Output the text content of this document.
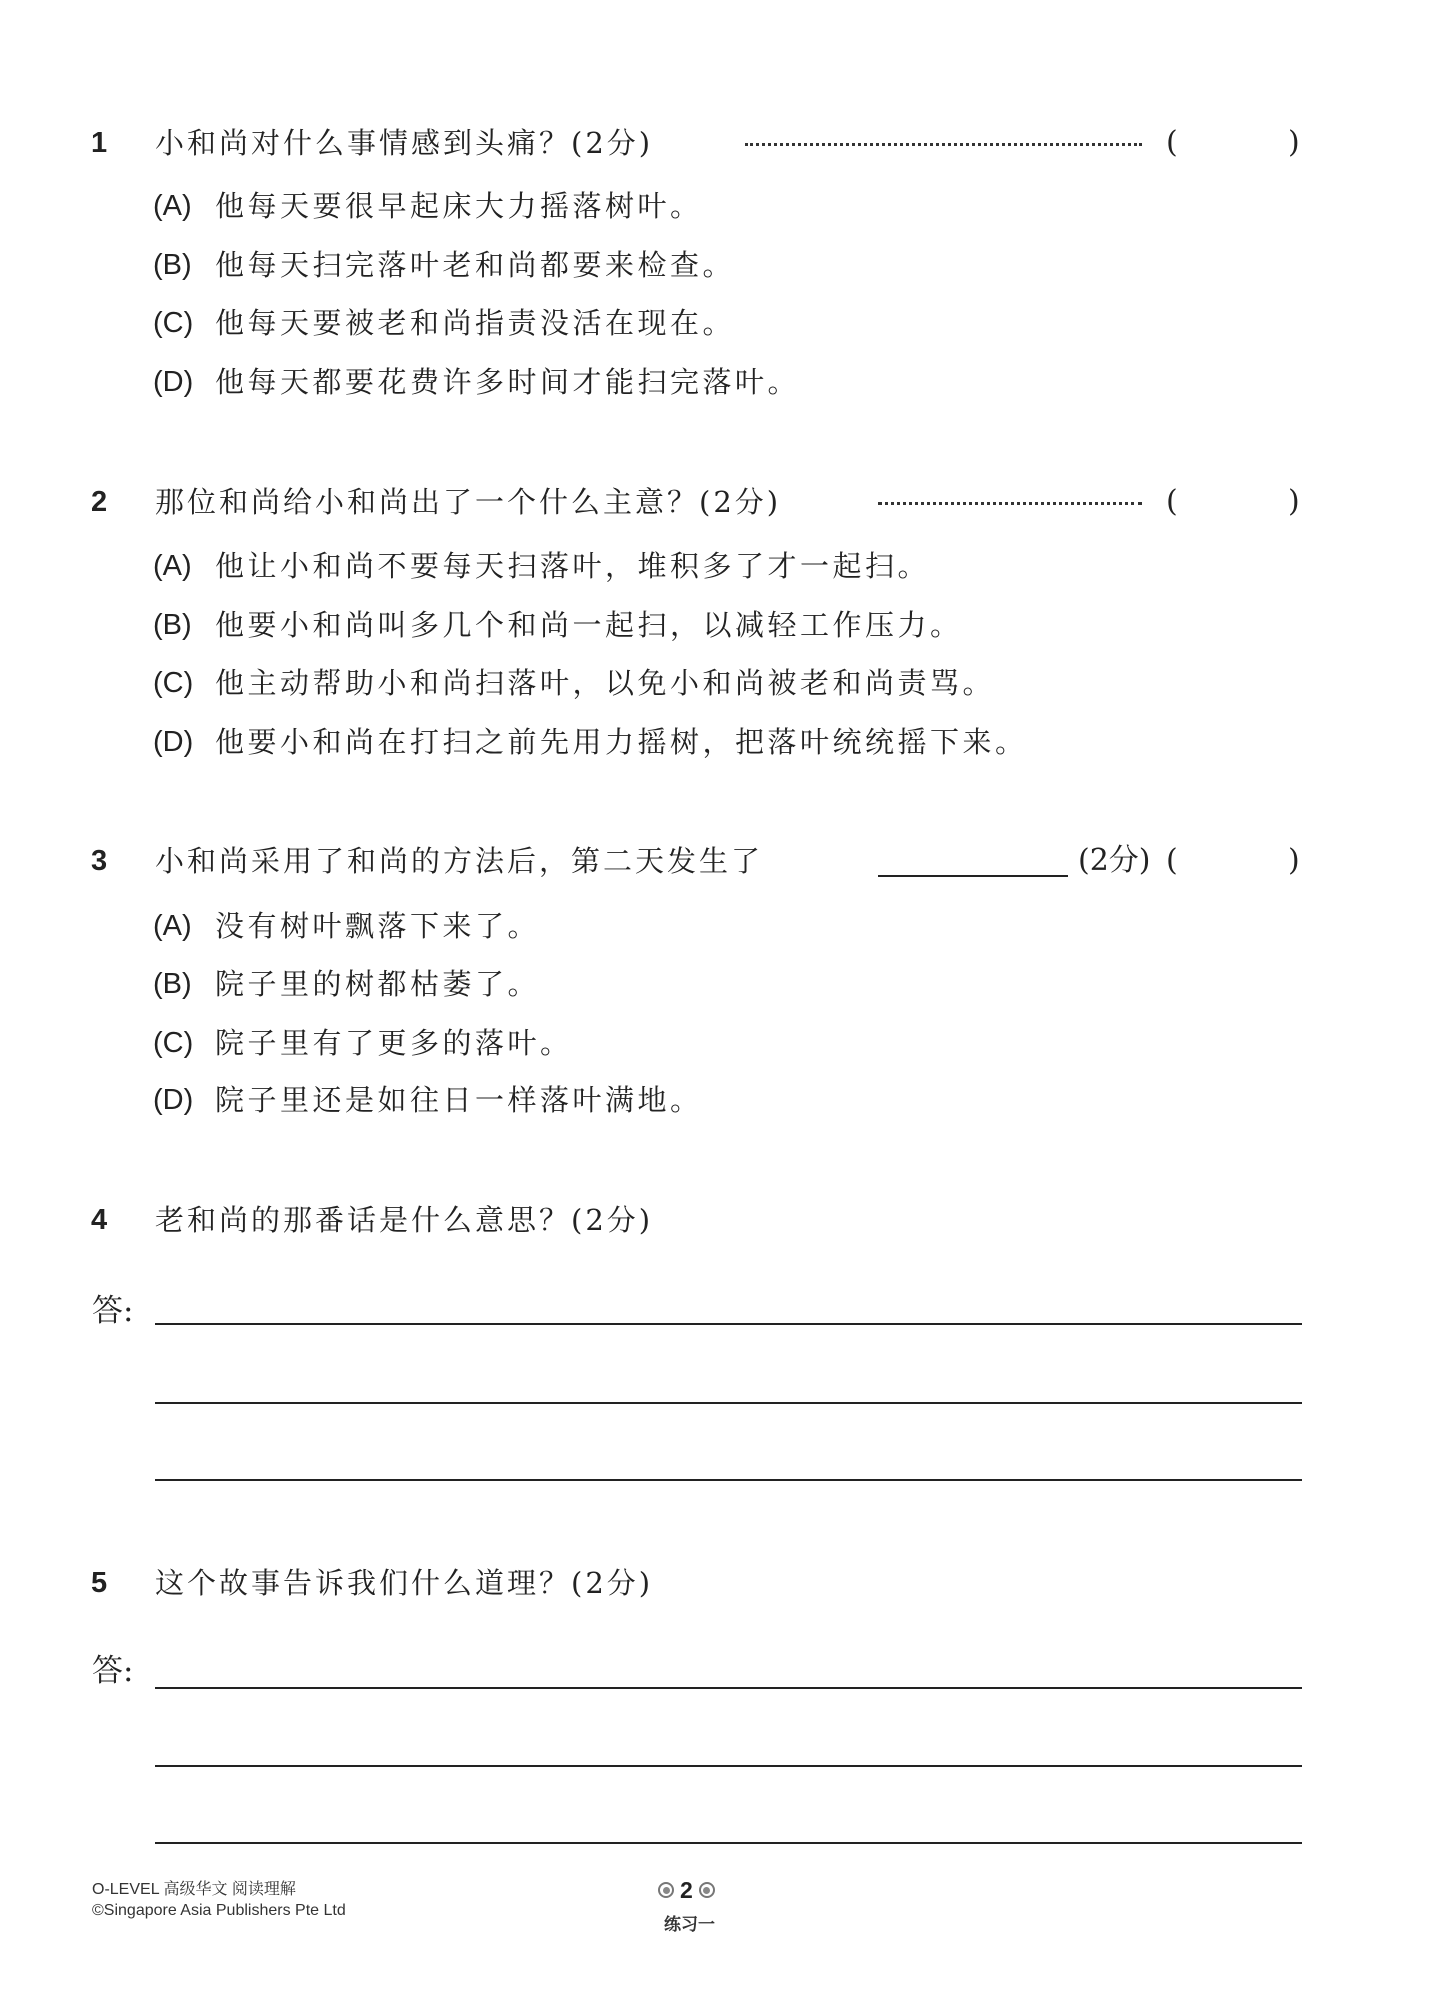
1 小和尚对什么事情感到头痛？(2分)	(	)
(A) 他每天要很早起床大力摇落树叶。
(B) 他每天扫完落叶老和尚都要来检查。
(C) 他每天要被老和尚指责没活在现在。
(D) 他每天都要花费许多时间才能扫完落叶。
2 那位和尚给小和尚出了一个什么主意？(2分)	(	)
(A) 他让小和尚不要每天扫落叶，堆积多了才一起扫。
(B) 他要小和尚叫多几个和尚一起扫，以减轻工作压力。
(C) 他主动帮助小和尚扫落叶，以免小和尚被老和尚责骂。
(D) 他要小和尚在打扫之前先用力摇树，把落叶统统摇下来。
3 小和尚采用了和尚的方法后，第二天发生了	(2分) (	)
(A) 没有树叶飘落下来了。
(B) 院子里的树都枯萎了。
(C) 院子里有了更多的落叶。
(D) 院子里还是如往日一样落叶满地。
4 老和尚的那番话是什么意思？(2分)
答:
5 这个故事告诉我们什么道理？(2分)
答:
O-LEVEL 高级华文 阅读理解
©Singapore Asia Publishers Pte Ltd
2
练习一
